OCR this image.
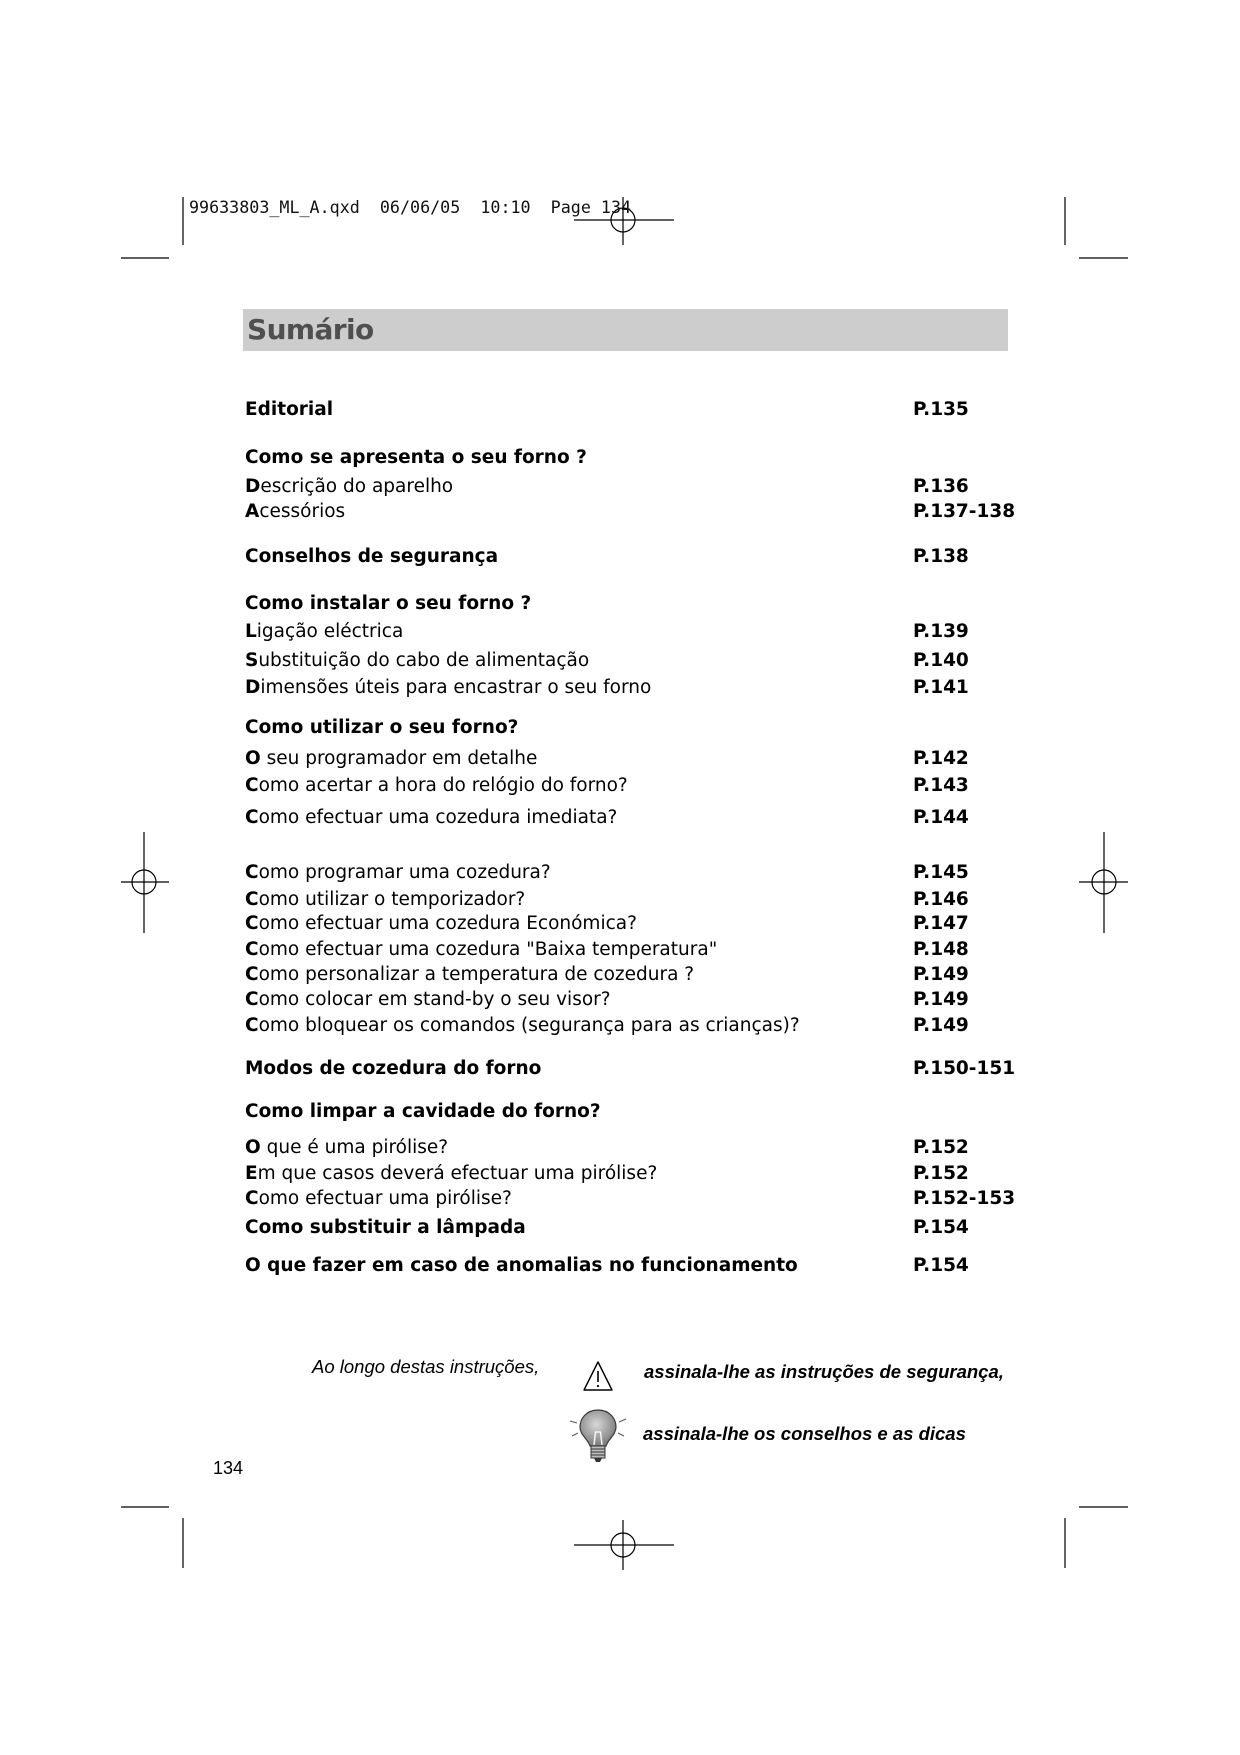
99633803_ML_A.qxd  06/06/05  10:10  Page 134
Sumário
Editorial	P.135
Como se apresenta o seu forno ?
Descrição do aparelho	P.136
Acessórios	P.137-138
Conselhos de segurança	P.138
Como instalar o seu forno ?
Ligação eléctrica	P.139
Substituição do cabo de alimentação	P.140
Dimensões úteis para encastrar o seu forno	P.141
Como utilizar o seu forno?
O seu programador em detalhe	P.142
Como acertar a hora do relógio do forno?	P.143
Como efectuar uma cozedura imediata?	P.144
Como programar uma cozedura?	P.145
Como utilizar o temporizador?	P.146
Como efectuar uma cozedura Económica?	P.147
Como efectuar uma cozedura "Baixa temperatura"	P.148
Como personalizar a temperatura de cozedura ?	P.149
Como colocar em stand-by o seu visor?	P.149
Como bloquear os comandos (segurança para as crianças)?	P.149
Modos de cozedura do forno	P.150-151
Como limpar a cavidade do forno?
O que é uma pirólise?	P.152
Em que casos deverá efectuar uma pirólise?	P.152
Como efectuar uma pirólise?	P.152-153
Como substituir a lâmpada	P.154
O que fazer em caso de anomalias no funcionamento	P.154
Ao longo destas instruções,	assinala-lhe as instruções de segurança,
assinala-lhe os conselhos e as dicas
134
